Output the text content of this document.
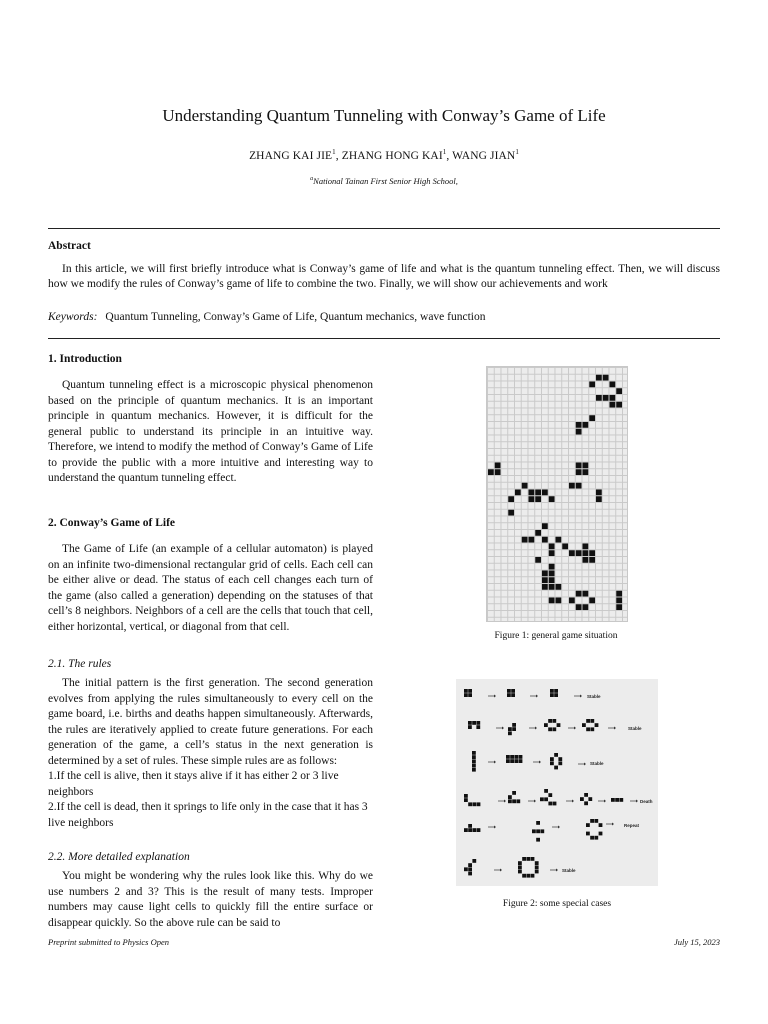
Understanding Quantum Tunneling with Conway’s Game of Life
ZHANG KAI JIE$^1$, ZHANG HONG KAI$^1$, WANG JIAN$^1$
$^a$National Tainan First Senior High School,
Abstract
In this article, we will first briefly introduce what is Conway’s game of life and what is the quantum tunneling effect. Then, we will discuss how we modify the rules of Conway’s game of life to combine the two. Finally, we will show our achievements and work
Keywords: Quantum Tunneling, Conway’s Game of Life, Quantum mechanics, wave function
1. Introduction

Quantum tunneling effect is a microscopic physical phenomenon based on the principle of quantum mechanics. It is an important principle in quantum mechanics. However, it is difficult for the general public to understand its principle in an intuitive way. Therefore, we intend to modify the method of Conway’s Game of Life to provide the public with a more intuitive and interesting way to understand the quantum tunneling effect.

2. Conway’s Game of Life

The Game of Life (an example of a cellular automaton) is played on an infinite two-dimensional rectangular grid of cells. Each cell can be either alive or dead. The status of each cell changes each turn of the game (also called a generation) depending on the statuses of that cell’s 8 neighbors. Neighbors of a cell are the cells that touch that cell, either horizontal, vertical, or diagonal from that cell.

2.1. The rules

The initial pattern is the first generation. The second generation evolves from applying the rules simultaneously to every cell on the game board, i.e. births and deaths happen simultaneously. Afterwards, the rules are iteratively applied to create future generations. For each generation of the game, a cell’s status in the next generation is determined by a set of rules. These simple rules are as follows:

1.If the cell is alive, then it stays alive if it has either 2 or 3 live neighbors
2.If the cell is dead, then it springs to life only in the case that it has 3 live neighbors
2.2. More detailed explanation

You might be wondering why the rules look like this. Why do we use numbers 2 and 3? This is the result of many tests. Improper numbers may cause light cells to quickly fill the entire surface or disappear quickly. So the above rule can be said to

Figure 1: general game situation
Stable
Stable
Stable
Death
Repeat
Stable
Figure 2: some special cases
Preprint submitted to Physics Open	July 15, 2023
